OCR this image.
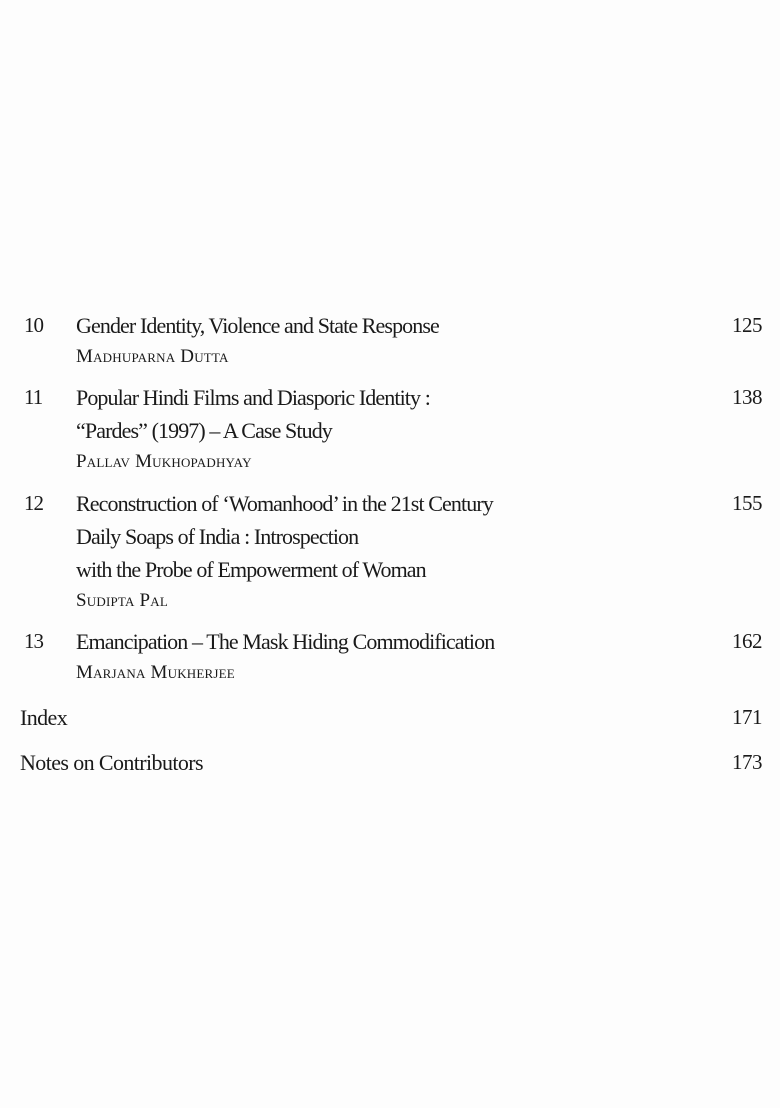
10 Gender Identity, Violence and State Response
Madhuparna Dutta
125
11 Popular Hindi Films and Diasporic Identity :
“Pardes” (1997) – A Case Study
Pallav Mukhopadhyay
138
12 Reconstruction of ‘Womanhood’ in the 21st Century
Daily Soaps of India : Introspection
with the Probe of Empowerment of Woman
Sudipta Pal
155
13 Emancipation – The Mask Hiding Commodification
Marjana Mukherjee
162
Index	171
Notes on Contributors	173
